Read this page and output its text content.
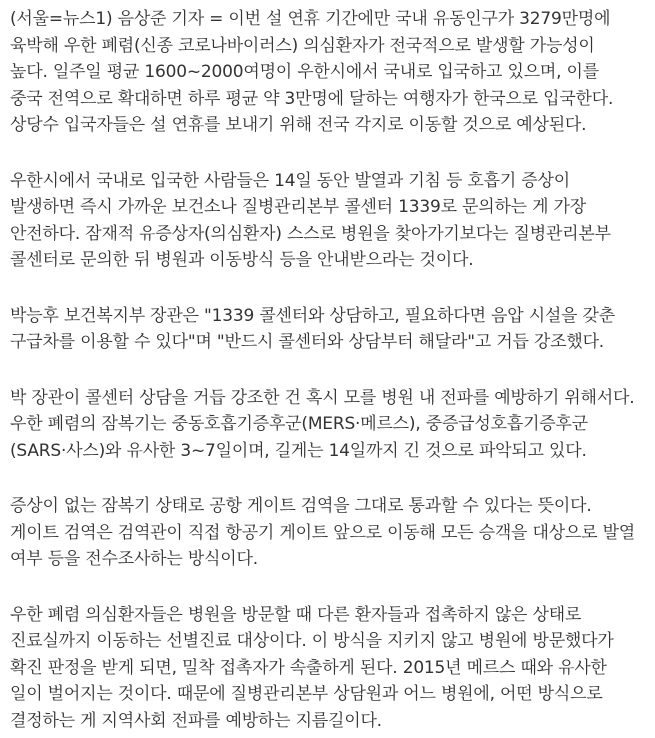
(서울=뉴스1) 음상준 기자 = 이번 설 연휴 기간에만 국내 유동인구가 3279만명에 육박해 우한 폐렴(신종 코로나바이러스) 의심환자가 전국적으로 발생할 가능성이 높다. 일주일 평균 1600~2000여명이 우한시에서 국내로 입국하고 있으며, 이를 중국 전역으로 확대하면 하루 평균 약 3만명에 달하는 여행자가 한국으로 입국한다. 상당수 입국자들은 설 연휴를 보내기 위해 전국 각지로 이동할 것으로 예상된다.

우한시에서 국내로 입국한 사람들은 14일 동안 발열과 기침 등 호흡기 증상이 발생하면 즉시 가까운 보건소나 질병관리본부 콜센터 1339로 문의하는 게 가장 안전하다. 잠재적 유증상자(의심환자) 스스로 병원을 찾아가기보다는 질병관리본부 콜센터로 문의한 뒤 병원과 이동방식 등을 안내받으라는 것이다.

박능후 보건복지부 장관은 "1339 콜센터와 상담하고, 필요하다면 음압 시설을 갖춘 구급차를 이용할 수 있다"며 "반드시 콜센터와 상담부터 해달라"고 거듭 강조했다.

박 장관이 콜센터 상담을 거듭 강조한 건 혹시 모를 병원 내 전파를 예방하기 위해서다. 우한 폐렴의 잠복기는 중동호흡기증후군(MERS·메르스), 중증급성호흡기증후군(SARS·사스)와 유사한 3~7일이며, 길게는 14일까지 긴 것으로 파악되고 있다.

증상이 없는 잠복기 상태로 공항 게이트 검역을 그대로 통과할 수 있다는 뜻이다. 게이트 검역은 검역관이 직접 항공기 게이트 앞으로 이동해 모든 승객을 대상으로 발열 여부 등을 전수조사하는 방식이다.

우한 폐렴 의심환자들은 병원을 방문할 때 다른 환자들과 접촉하지 않은 상태로 진료실까지 이동하는 선별진료 대상이다. 이 방식을 지키지 않고 병원에 방문했다가 확진 판정을 받게 되면, 밀착 접촉자가 속출하게 된다. 2015년 메르스 때와 유사한 일이 벌어지는 것이다. 때문에 질병관리본부 상담원과 어느 병원에, 어떤 방식으로 결정하는 게 지역사회 전파를 예방하는 지름길이다.
